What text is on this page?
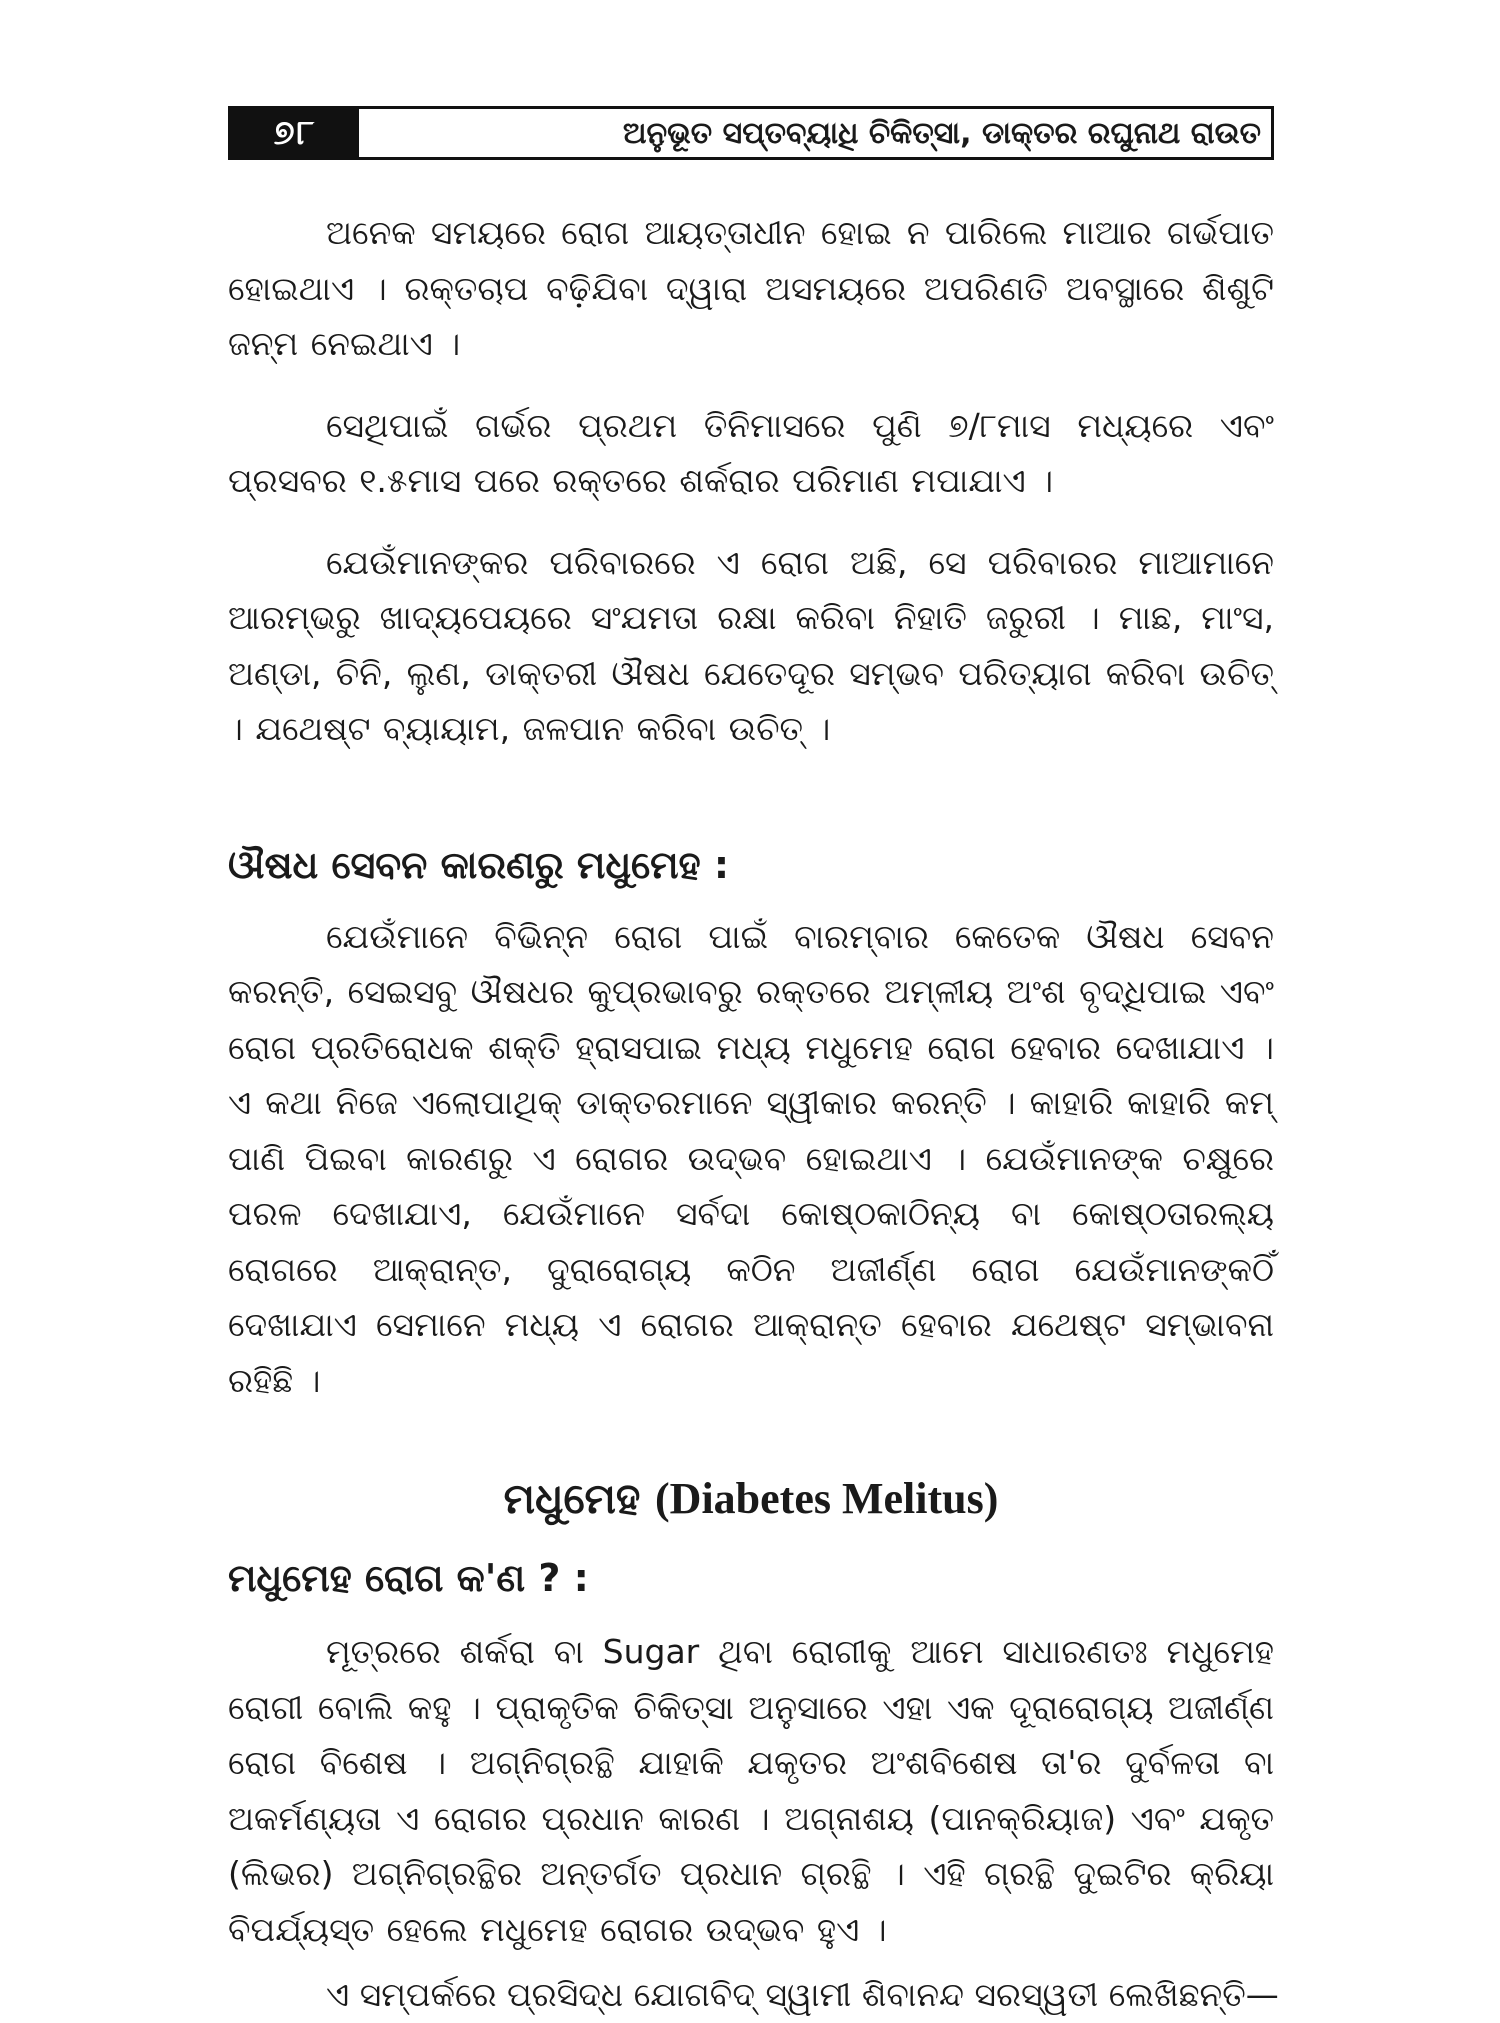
୭୮	ଅନୁଭୂତ ସପ୍ତବ୍ୟାଧି ଚିକିତ୍ସା, ଡାକ୍ତର ରଘୁନାଥ ରାଉତ

ଅନେକ ସମୟରେ ରୋଗ ଆୟତ୍ତାଧୀନ ହୋଇ ନ ପାରିଲେ ମାଆର ଗର୍ଭପାତ ହୋଇଥାଏ । ରକ୍ତଚାପ ବଢ଼ିଯିବା ଦ୍ୱାରା ଅସମୟରେ ଅପରିଣତି ଅବସ୍ଥାରେ ଶିଶୁଟି ଜନ୍ମ ନେଇଥାଏ ।

ସେଥିପାଇଁ ଗର୍ଭର ପ୍ରଥମ ତିନିମାସରେ ପୁଣି ୭/୮ମାସ ମଧ୍ୟରେ ଏବଂ ପ୍ରସବର ୧.୫ମାସ ପରେ ରକ୍ତରେ ଶର୍କରାର ପରିମାଣ ମପାଯାଏ ।

ଯେଉଁମାନଙ୍କର ପରିବାରରେ ଏ ରୋଗ ଅଛି, ସେ ପରିବାରର ମାଆମାନେ ଆରମ୍ଭରୁ ଖାଦ୍ୟପେୟରେ ସଂଯମତା ରକ୍ଷା କରିବା ନିହାତି ଜରୁରୀ । ମାଛ, ମାଂସ, ଅଣ୍ଡା, ଚିନି, ଲୁଣ, ଡାକ୍ତରୀ ଔଷଧ ଯେତେଦୂର ସମ୍ଭବ ପରିତ୍ୟାଗ କରିବା ଉଚିତ୍ । ଯଥେଷ୍ଟ ବ୍ୟାୟାମ, ଜଳପାନ କରିବା ଉଚିତ୍ ।

ଔଷଧ ସେବନ କାରଣରୁ ମଧୁମେହ :

ଯେଉଁମାନେ ବିଭିନ୍ନ ରୋଗ ପାଇଁ ବାରମ୍ବାର କେତେକ ଔଷଧ ସେବନ କରନ୍ତି, ସେଇସବୁ ଔଷଧର କୁପ୍ରଭାବରୁ ରକ୍ତରେ ଅମ୍ଳୀୟ ଅଂଶ ବୃଦ୍ଧିପାଇ ଏବଂ ରୋଗ ପ୍ରତିରୋଧକ ଶକ୍ତି ହ୍ରାସପାଇ ମଧ୍ୟ ମଧୁମେହ ରୋଗ ହେବାର ଦେଖାଯାଏ । ଏ କଥା ନିଜେ ଏଲୋପାଥିକ୍ ଡାକ୍ତରମାନେ ସ୍ୱୀକାର କରନ୍ତି । କାହାରି କାହାରି କମ୍ ପାଣି ପିଇବା କାରଣରୁ ଏ ରୋଗର ଉଦ୍ଭବ ହୋଇଥାଏ । ଯେଉଁମାନଙ୍କ ଚକ୍ଷୁରେ ପରଳ ଦେଖାଯାଏ, ଯେଉଁମାନେ ସର୍ବଦା କୋଷ୍ଠକାଠିନ୍ୟ ବା କୋଷ୍ଠତାରଲ୍ୟ ରୋଗରେ ଆକ୍ରାନ୍ତ, ଦୁରାରୋଗ୍ୟ କଠିନ ଅଜୀର୍ଣ୍ଣ ରୋଗ ଯେଉଁମାନଙ୍କଠିଁ ଦେଖାଯାଏ ସେମାନେ ମଧ୍ୟ ଏ ରୋଗର ଆକ୍ରାନ୍ତ ହେବାର ଯଥେଷ୍ଟ ସମ୍ଭାବନା ରହିଛି ।

ମଧୁମେହ (Diabetes Melitus)
ମଧୁମେହ ରୋଗ କ'ଣ ? :

ମୂତ୍ରରେ ଶର୍କରା ବା Sugar ଥିବା ରୋଗୀକୁ ଆମେ ସାଧାରଣତଃ ମଧୁମେହ ରୋଗୀ ବୋଲି କହୁ । ପ୍ରାକୃତିକ ଚିକିତ୍ସା ଅନୁସାରେ ଏହା ଏକ ଦୂରାରୋଗ୍ୟ ଅଜୀର୍ଣ୍ଣ ରୋଗ ବିଶେଷ । ଅଗ୍ନିଗ୍ରନ୍ଥି ଯାହାକି ଯକୃତର ଅଂଶବିଶେଷ ତା'ର ଦୁର୍ବଳତା ବା ଅକର୍ମଣ୍ୟତା ଏ ରୋଗର ପ୍ରଧାନ କାରଣ । ଅଗ୍ନାଶୟ (ପାନକ୍ରିୟାଜ) ଏବଂ ଯକୃତ (ଲିଭର) ଅଗ୍ନିଗ୍ରନ୍ଥିର ଅନ୍ତର୍ଗତ ପ୍ରଧାନ ଗ୍ରନ୍ଥି । ଏହି ଗ୍ରନ୍ଥି ଦୁଇଟିର କ୍ରିୟା ବିପର୍ଯ୍ୟସ୍ତ ହେଲେ ମଧୁମେହ ରୋଗର ଉଦ୍ଭବ ହୁଏ ।

ଏ ସମ୍ପର୍କରେ ପ୍ରସିଦ୍ଧ ଯୋଗବିଦ୍ ସ୍ୱାମୀ ଶିବାନନ୍ଦ ସରସ୍ୱତୀ ଲେଖିଛନ୍ତି—
